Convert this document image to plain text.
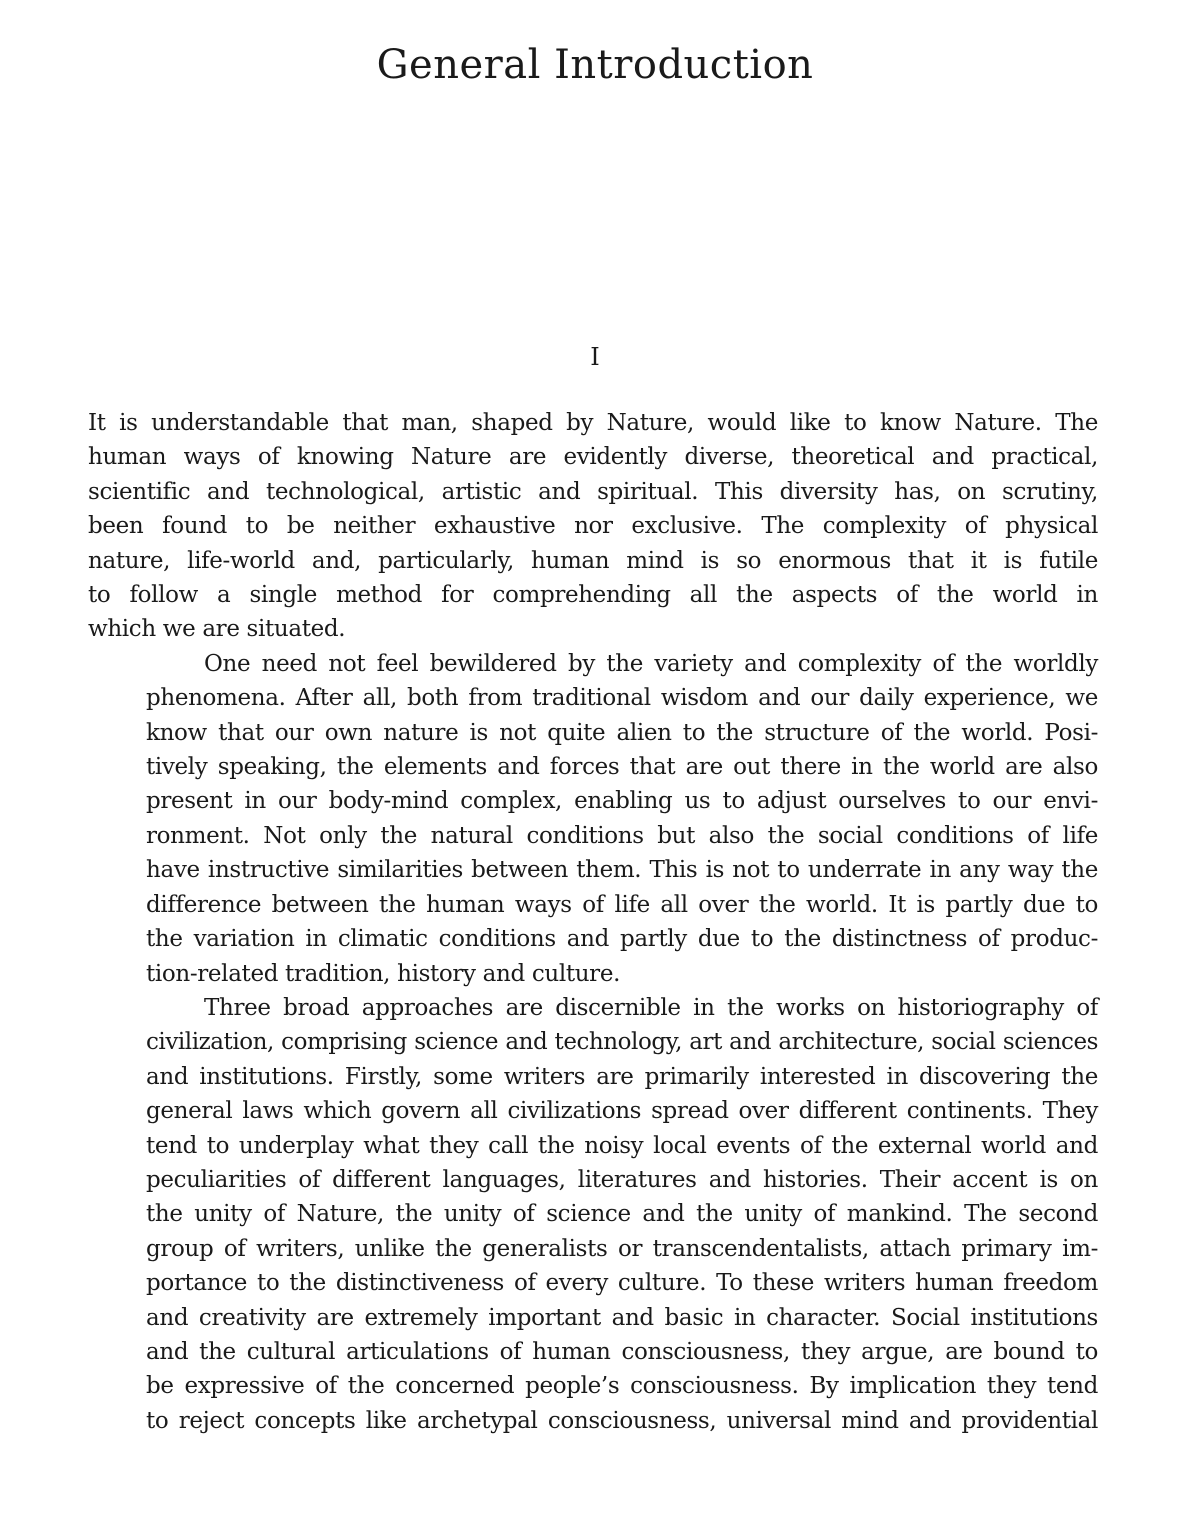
General Introduction
I

It is understandable that man, shaped by Nature, would like to know Nature. The
human ways of knowing Nature are evidently diverse, theoretical and practical,
scientific and technological, artistic and spiritual. This diversity has, on scrutiny,
been found to be neither exhaustive nor exclusive. The complexity of physical
nature, life-world and, particularly, human mind is so enormous that it is futile
to follow a single method for comprehending all the aspects of the world in
which we are situated.

One need not feel bewildered by the variety and complexity of the worldly
phenomena. After all, both from traditional wisdom and our daily experience, we
know that our own nature is not quite alien to the structure of the world. Posi-
tively speaking, the elements and forces that are out there in the world are also
present in our body-mind complex, enabling us to adjust ourselves to our envi-
ronment. Not only the natural conditions but also the social conditions of life
have instructive similarities between them. This is not to underrate in any way the
difference between the human ways of life all over the world. It is partly due to
the variation in climatic conditions and partly due to the distinctness of produc-
tion-related tradition, history and culture.

Three broad approaches are discernible in the works on historiography of
civilization, comprising science and technology, art and architecture, social sciences
and institutions. Firstly, some writers are primarily interested in discovering the
general laws which govern all civilizations spread over different continents. They
tend to underplay what they call the noisy local events of the external world and
peculiarities of different languages, literatures and histories. Their accent is on
the unity of Nature, the unity of science and the unity of mankind. The second
group of writers, unlike the generalists or transcendentalists, attach primary im-
portance to the distinctiveness of every culture. To these writers human freedom
and creativity are extremely important and basic in character. Social institutions
and the cultural articulations of human consciousness, they argue, are bound to
be expressive of the concerned people’s consciousness. By implication they tend
to reject concepts like archetypal consciousness, universal mind and providential
